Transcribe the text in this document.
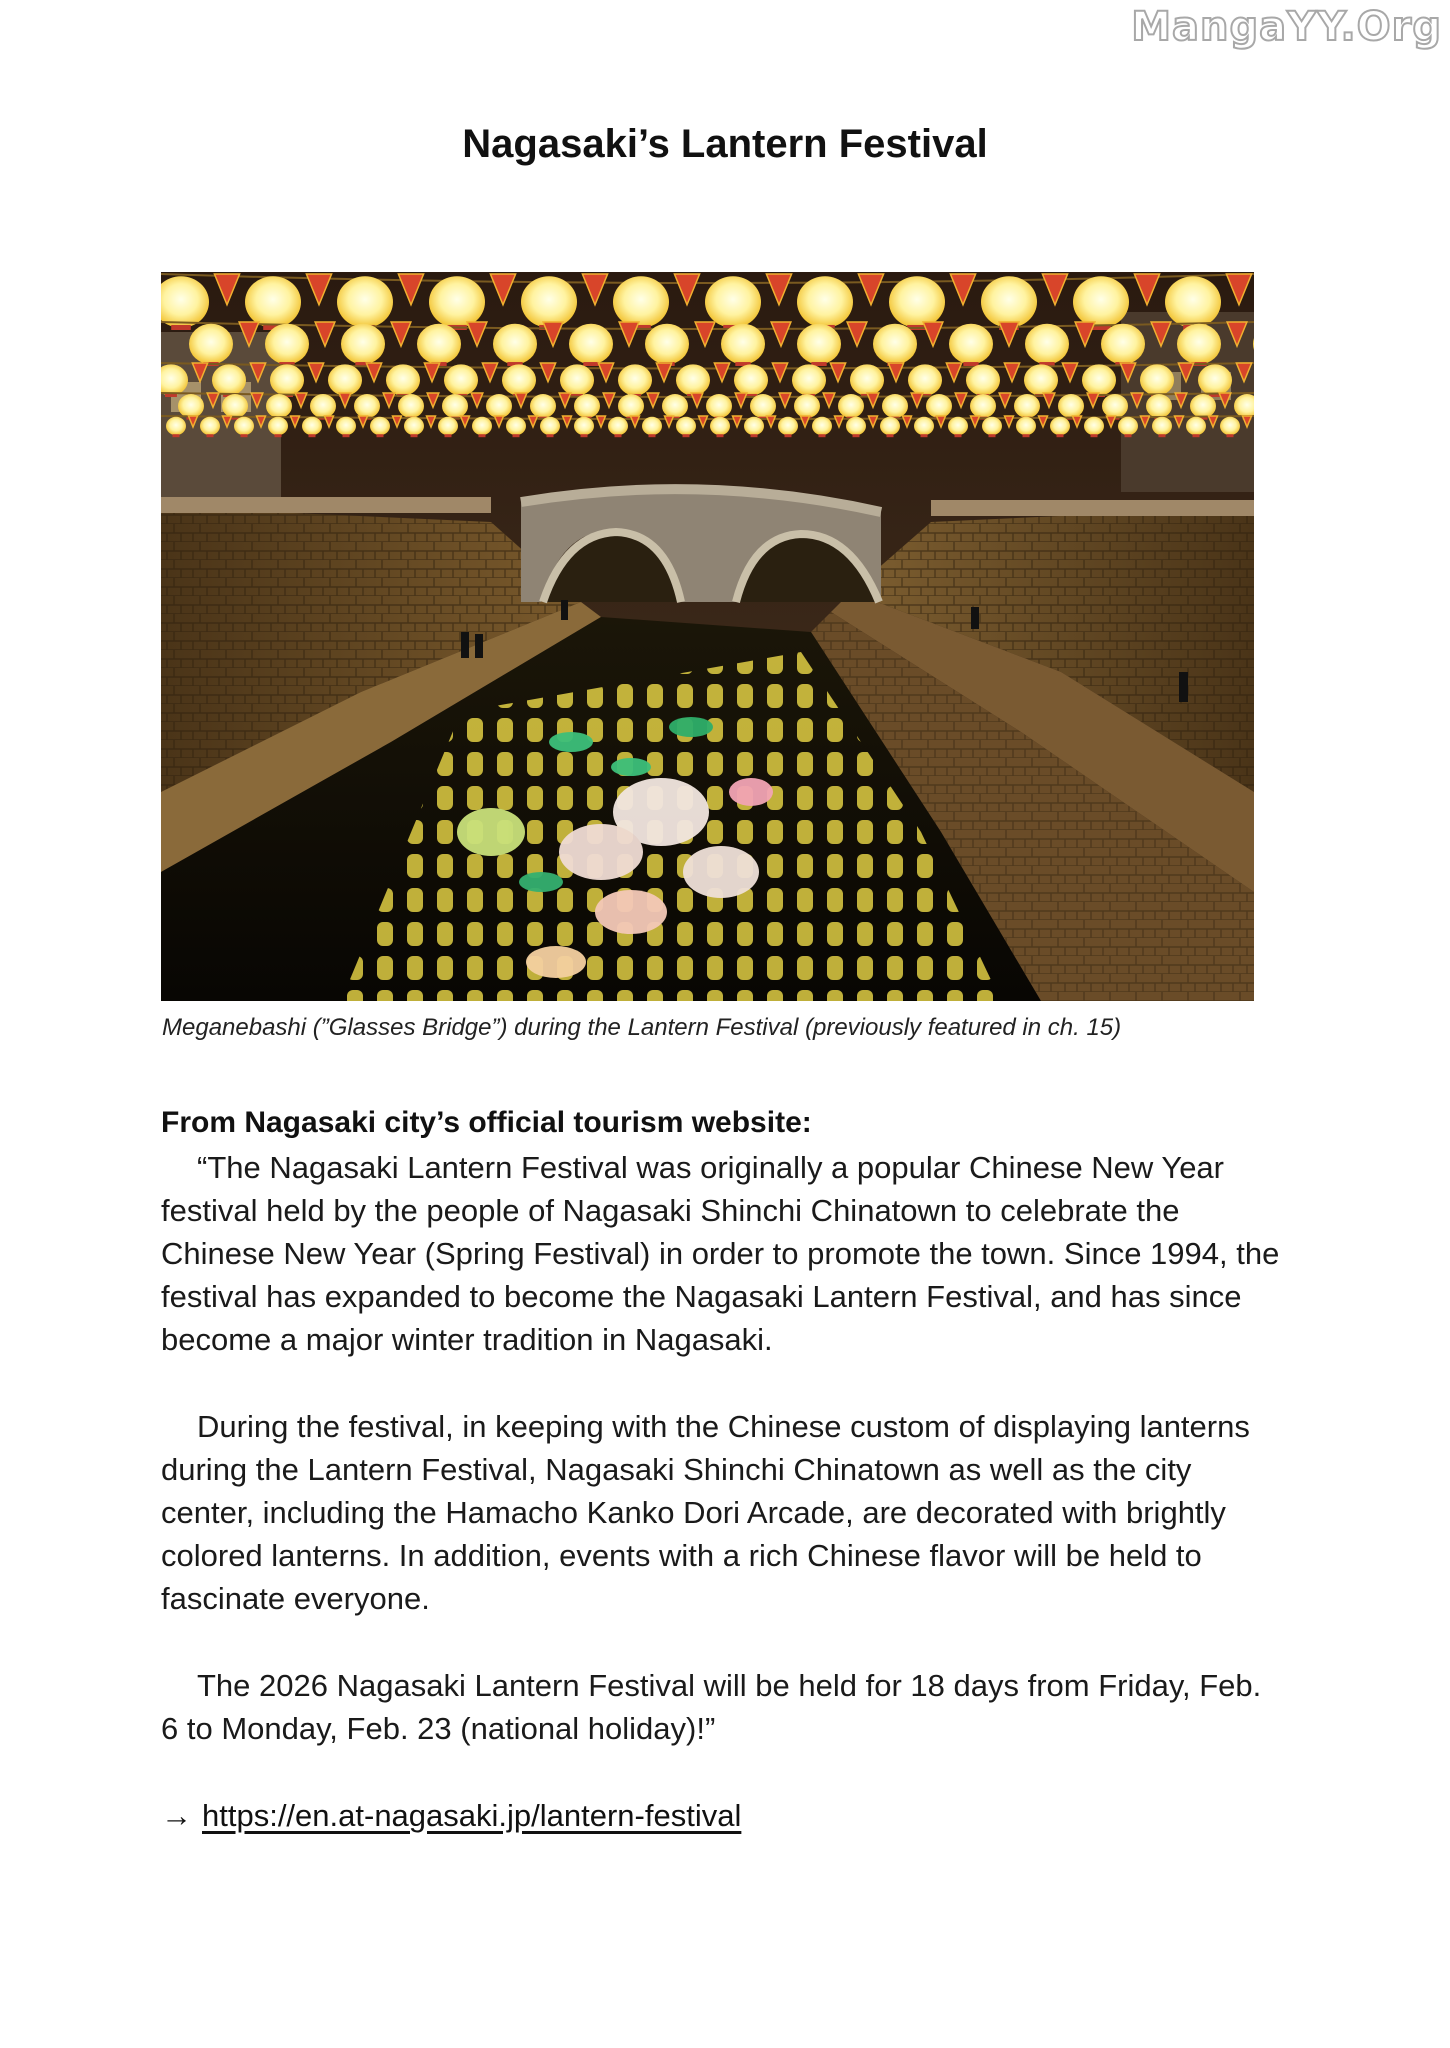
MangaYY.Org
Nagasaki’s Lantern Festival
Meganebashi (”Glasses Bridge”) during the Lantern Festival (previously featured in ch. 15)
From Nagasaki city’s official tourism website:

“The Nagasaki Lantern Festival was originally a popular Chinese New Year festival held by the people of Nagasaki Shinchi Chinatown to celebrate the Chinese New Year (Spring Festival) in order to promote the town. Since 1994, the festival has expanded to become the Nagasaki Lantern Festival, and has since become a major winter tradition in Nagasaki.

During the festival, in keeping with the Chinese custom of displaying lanterns during the Lantern Festival, Nagasaki Shinchi Chinatown as well as the city center, including the Hamacho Kanko Dori Arcade, are decorated with brightly colored lanterns. In addition, events with a rich Chinese flavor will be held to fascinate everyone.

The 2026 Nagasaki Lantern Festival will be held for 18 days from Friday, Feb. 6 to Monday, Feb. 23 (national holiday)!”

→ https://en.at-nagasaki.jp/lantern-festival
